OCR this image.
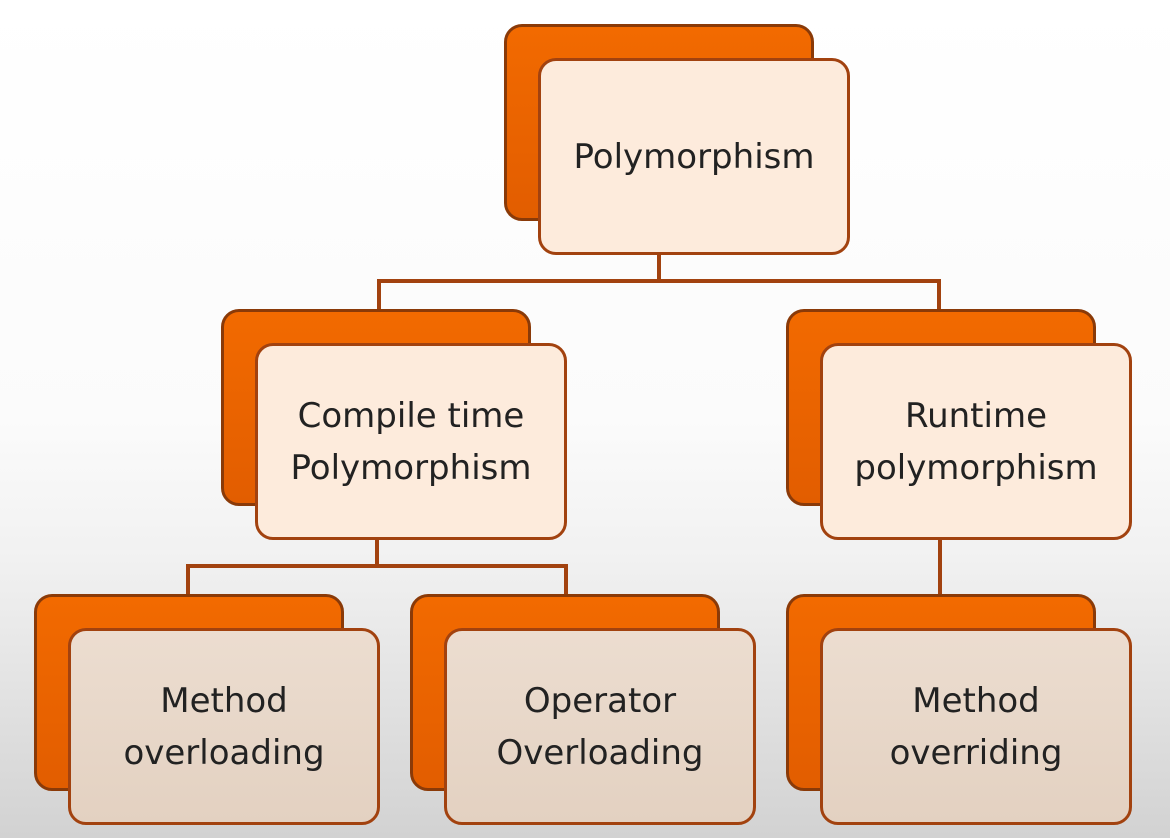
Polymorphism
Compile time
Polymorphism
Runtime
polymorphism
Method
overloading
Operator
Overloading
Method
overriding
